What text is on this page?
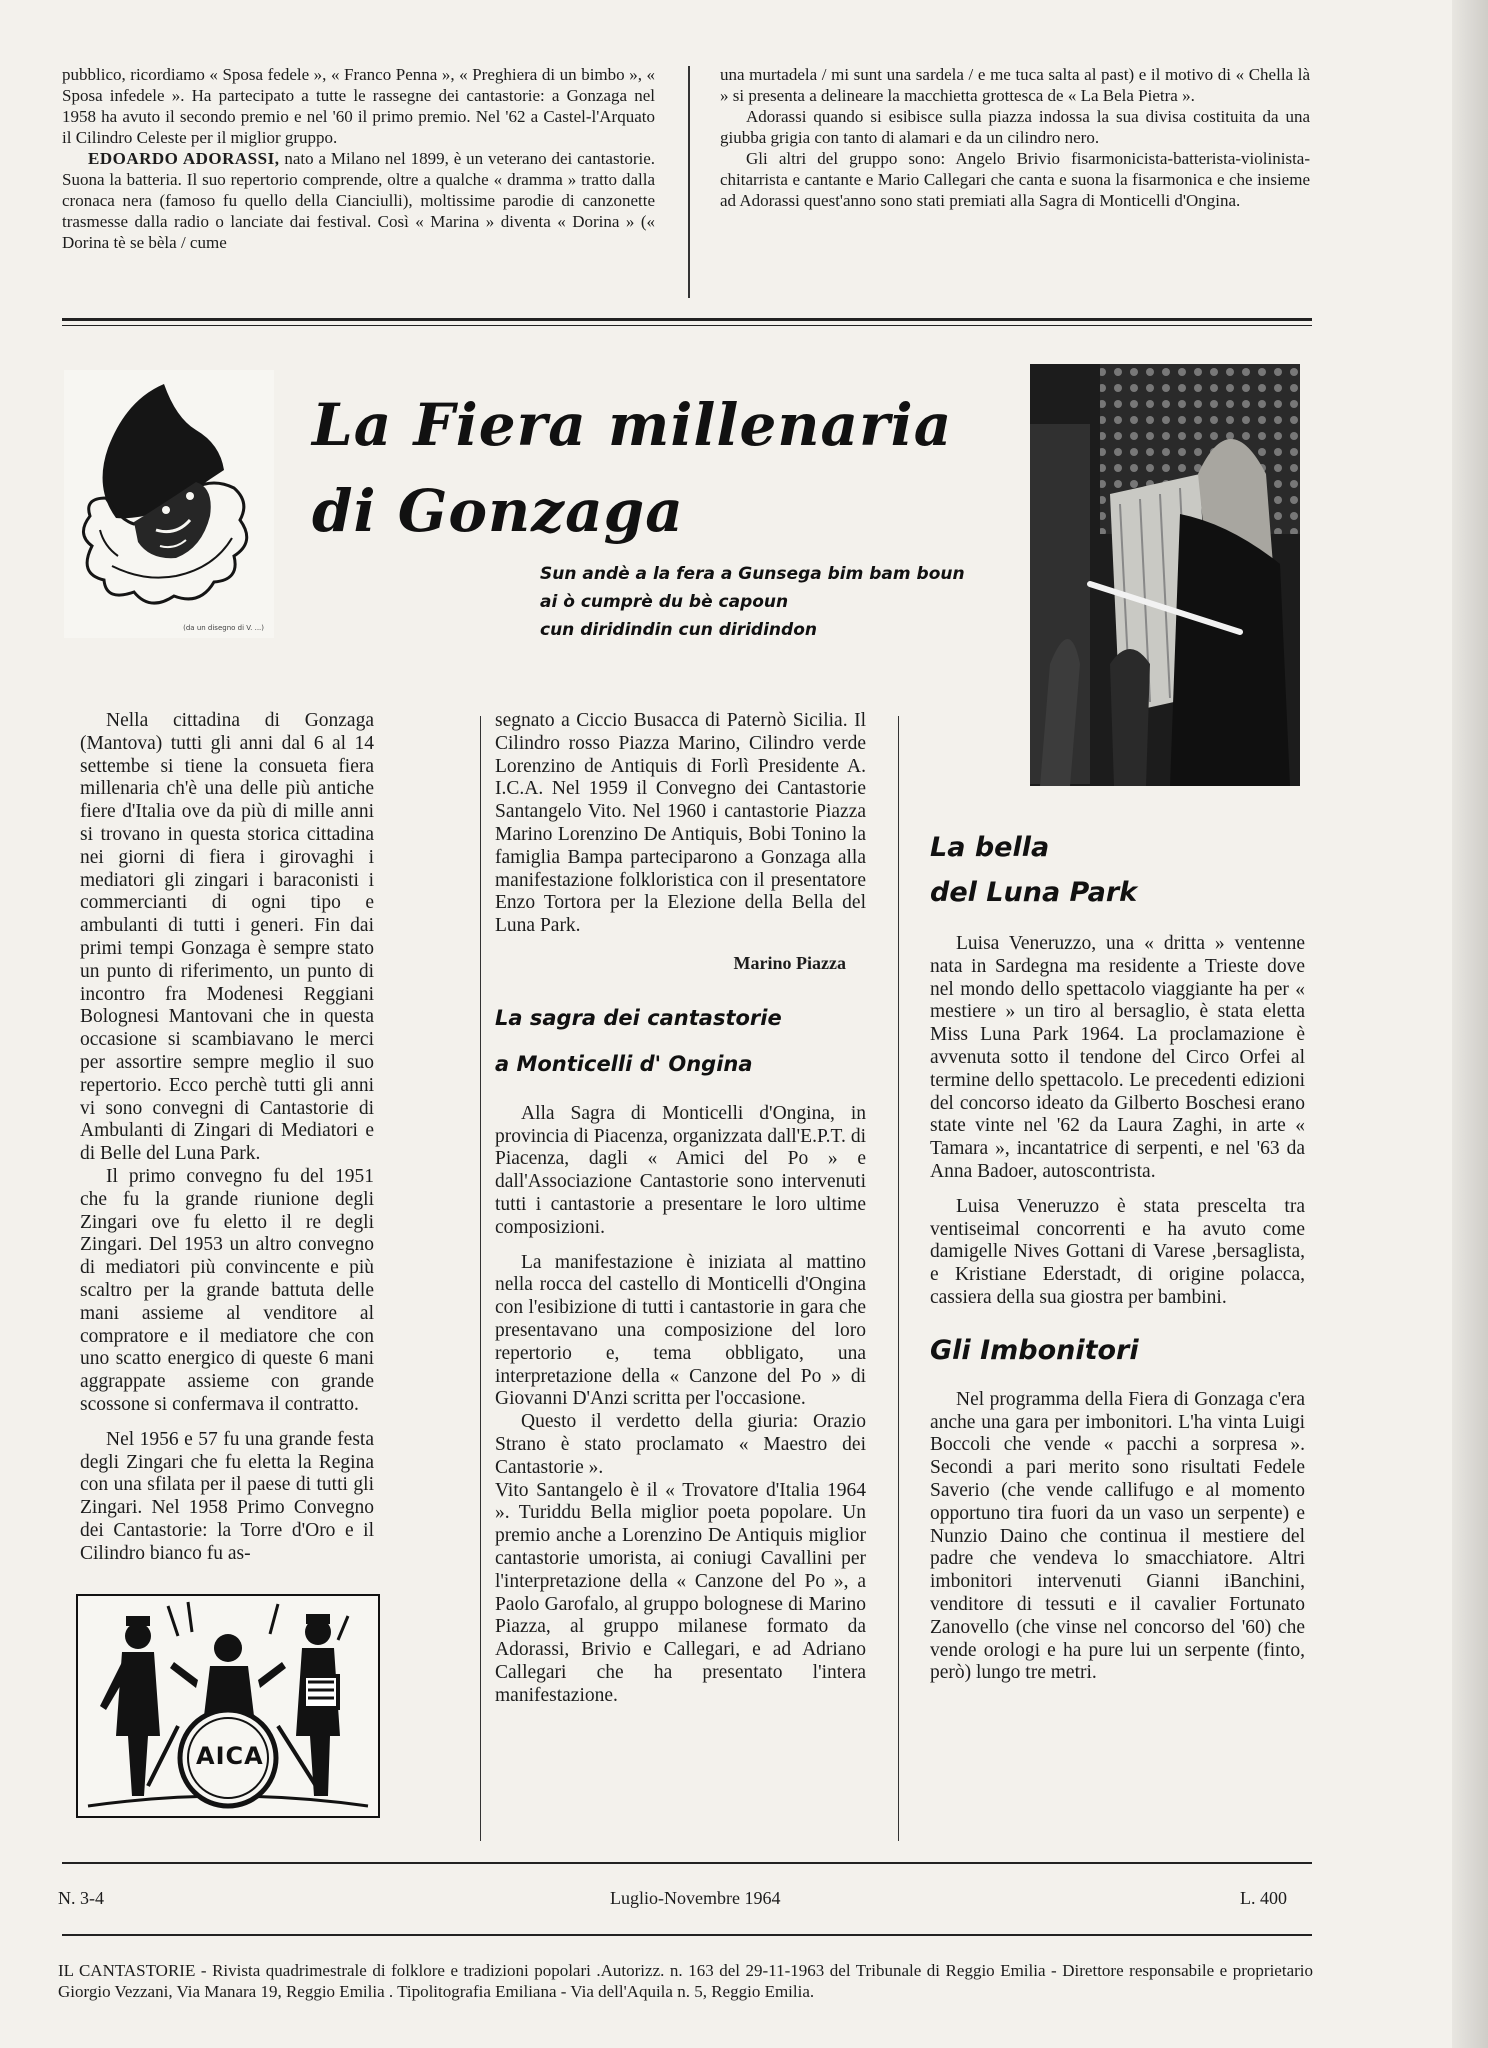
pubblico, ricordiamo « Sposa fedele », « Franco Penna », « Preghiera di un bimbo », « Sposa infedele ». Ha partecipato a tutte le rassegne dei cantastorie: a Gonzaga nel 1958 ha avuto il secondo premio e nel '60 il primo premio. Nel '62 a Castel-l'Arquato il Cilindro Celeste per il miglior gruppo.

EDOARDO ADORASSI, nato a Milano nel 1899, è un veterano dei cantastorie. Suona la batteria. Il suo repertorio comprende, oltre a qualche « dramma » tratto dalla cronaca nera (famoso fu quello della Cianciulli), moltissime parodie di canzonette trasmesse dalla radio o lanciate dai festival. Così « Marina » diventa « Dorina » (« Dorina tè se bèla / cume

una murtadela / mi sunt una sardela / e me tuca salta al past) e il motivo di « Chella là » si presenta a delineare la macchietta grottesca de « La Bela Pietra ».

Adorassi quando si esibisce sulla piazza indossa la sua divisa costituita da una giubba grigia con tanto di alamari e da un cilindro nero.

Gli altri del gruppo sono: Angelo Brivio fisarmonicista-batterista-violinista-chitarrista e cantante e Mario Callegari che canta e suona la fisarmonica e che insieme ad Adorassi quest'anno sono stati premiati alla Sagra di Monticelli d'Ongina.

(da un disegno di V. ...)
La Fiera millenaria
di Gonzaga
Sun andè a la fera a Gunsega bim bam boun
ai ò cumprè du bè capoun
cun diridindin cun diridindon

Nella cittadina di Gonzaga (Mantova) tutti gli anni dal 6 al 14 settembe si tiene la consueta fiera millenaria ch'è una delle più antiche fiere d'Italia ove da più di mille anni si trovano in questa storica cittadina nei giorni di fiera i girovaghi i mediatori gli zingari i baraconisti i commercianti di ogni tipo e ambulanti di tutti i generi. Fin dai primi tempi Gonzaga è sempre stato un punto di riferimento, un punto di incontro fra Modenesi Reggiani Bolognesi Mantovani che in questa occasione si scambiavano le merci per assortire sempre meglio il suo repertorio. Ecco perchè tutti gli anni vi sono convegni di Cantastorie di Ambulanti di Zingari di Mediatori e di Belle del Luna Park.

Il primo convegno fu del 1951 che fu la grande riunione degli Zingari ove fu eletto il re degli Zingari. Del 1953 un altro convegno di mediatori più convincente e più scaltro per la grande battuta delle mani assieme al venditore al compratore e il mediatore che con uno scatto energico di queste 6 mani aggrappate assieme con grande scossone si confermava il contratto.

Nel 1956 e 57 fu una grande festa degli Zingari che fu eletta la Regina con una sfilata per il paese di tutti gli Zingari. Nel 1958 Primo Convegno dei Cantastorie: la Torre d'Oro e il Cilindro bianco fu as-

AICA

segnato a Ciccio Busacca di Paternò Sicilia. Il Cilindro rosso Piazza Marino, Cilindro verde Lorenzino de Antiquis di Forlì Presidente A. I.C.A. Nel 1959 il Convegno dei Cantastorie Santangelo Vito. Nel 1960 i cantastorie Piazza Marino Lorenzino De Antiquis, Bobi Tonino la famiglia Bampa parteciparono a Gonzaga alla manifestazione folkloristica con il presentatore Enzo Tortora per la Elezione della Bella del Luna Park.

Marino Piazza
La sagra dei cantastorie
a Monticelli d' Ongina

Alla Sagra di Monticelli d'Ongina, in provincia di Piacenza, organizzata dall'E.P.T. di Piacenza, dagli « Amici del Po » e dall'Associazione Cantastorie sono intervenuti tutti i cantastorie a presentare le loro ultime composizioni.

La manifestazione è iniziata al mattino nella rocca del castello di Monticelli d'Ongina con l'esibizione di tutti i cantastorie in gara che presentavano una composizione del loro repertorio e, tema obbligato, una interpretazione della « Canzone del Po » di Giovanni D'Anzi scritta per l'occasione.

Questo il verdetto della giuria: Orazio Strano è stato proclamato « Maestro dei Cantastorie ».

Vito Santangelo è il « Trovatore d'Italia 1964 ». Turiddu Bella miglior poeta popolare. Un premio anche a Lorenzino De Antiquis miglior cantastorie umorista, ai coniugi Cavallini per l'interpretazione della « Canzone del Po », a Paolo Garofalo, al gruppo bolognese di Marino Piazza, al gruppo milanese formato da Adorassi, Brivio e Callegari, e ad Adriano Callegari che ha presentato l'intera manifestazione.

La bella
del Luna Park

Luisa Veneruzzo, una « dritta » ventenne nata in Sardegna ma residente a Trieste dove nel mondo dello spettacolo viaggiante ha per « mestiere » un tiro al bersaglio, è stata eletta Miss Luna Park 1964. La proclamazione è avvenuta sotto il tendone del Circo Orfei al termine dello spettacolo. Le precedenti edizioni del concorso ideato da Gilberto Boschesi erano state vinte nel '62 da Laura Zaghi, in arte « Tamara », incantatrice di serpenti, e nel '63 da Anna Badoer, autoscontrista.

Luisa Veneruzzo è stata prescelta tra ventiseimal concorrenti e ha avuto come damigelle Nives Gottani di Varese ,bersaglista, e Kristiane Ederstadt, di origine polacca, cassiera della sua giostra per bambini.

Gli Imbonitori

Nel programma della Fiera di Gonzaga c'era anche una gara per imbonitori. L'ha vinta Luigi Boccoli che vende « pacchi a sorpresa ». Secondi a pari merito sono risultati Fedele Saverio (che vende callifugo e al momento opportuno tira fuori da un vaso un serpente) e Nunzio Daino che continua il mestiere del padre che vendeva lo smacchiatore. Altri imbonitori intervenuti Gianni iBanchini, venditore di tessuti e il cavalier Fortunato Zanovello (che vinse nel concorso del '60) che vende orologi e ha pure lui un serpente (finto, però) lungo tre metri.

N. 3-4	Luglio-Novembre 1964	L. 400
IL CANTASTORIE - Rivista quadrimestrale di folklore e tradizioni popolari .Autorizz. n. 163 del 29-11-1963 del Tribunale di Reggio Emilia - Direttore responsabile e proprietario Giorgio Vezzani, Via Manara 19, Reggio Emilia . Tipolitografia Emiliana - Via dell'Aquila n. 5, Reggio Emilia.
